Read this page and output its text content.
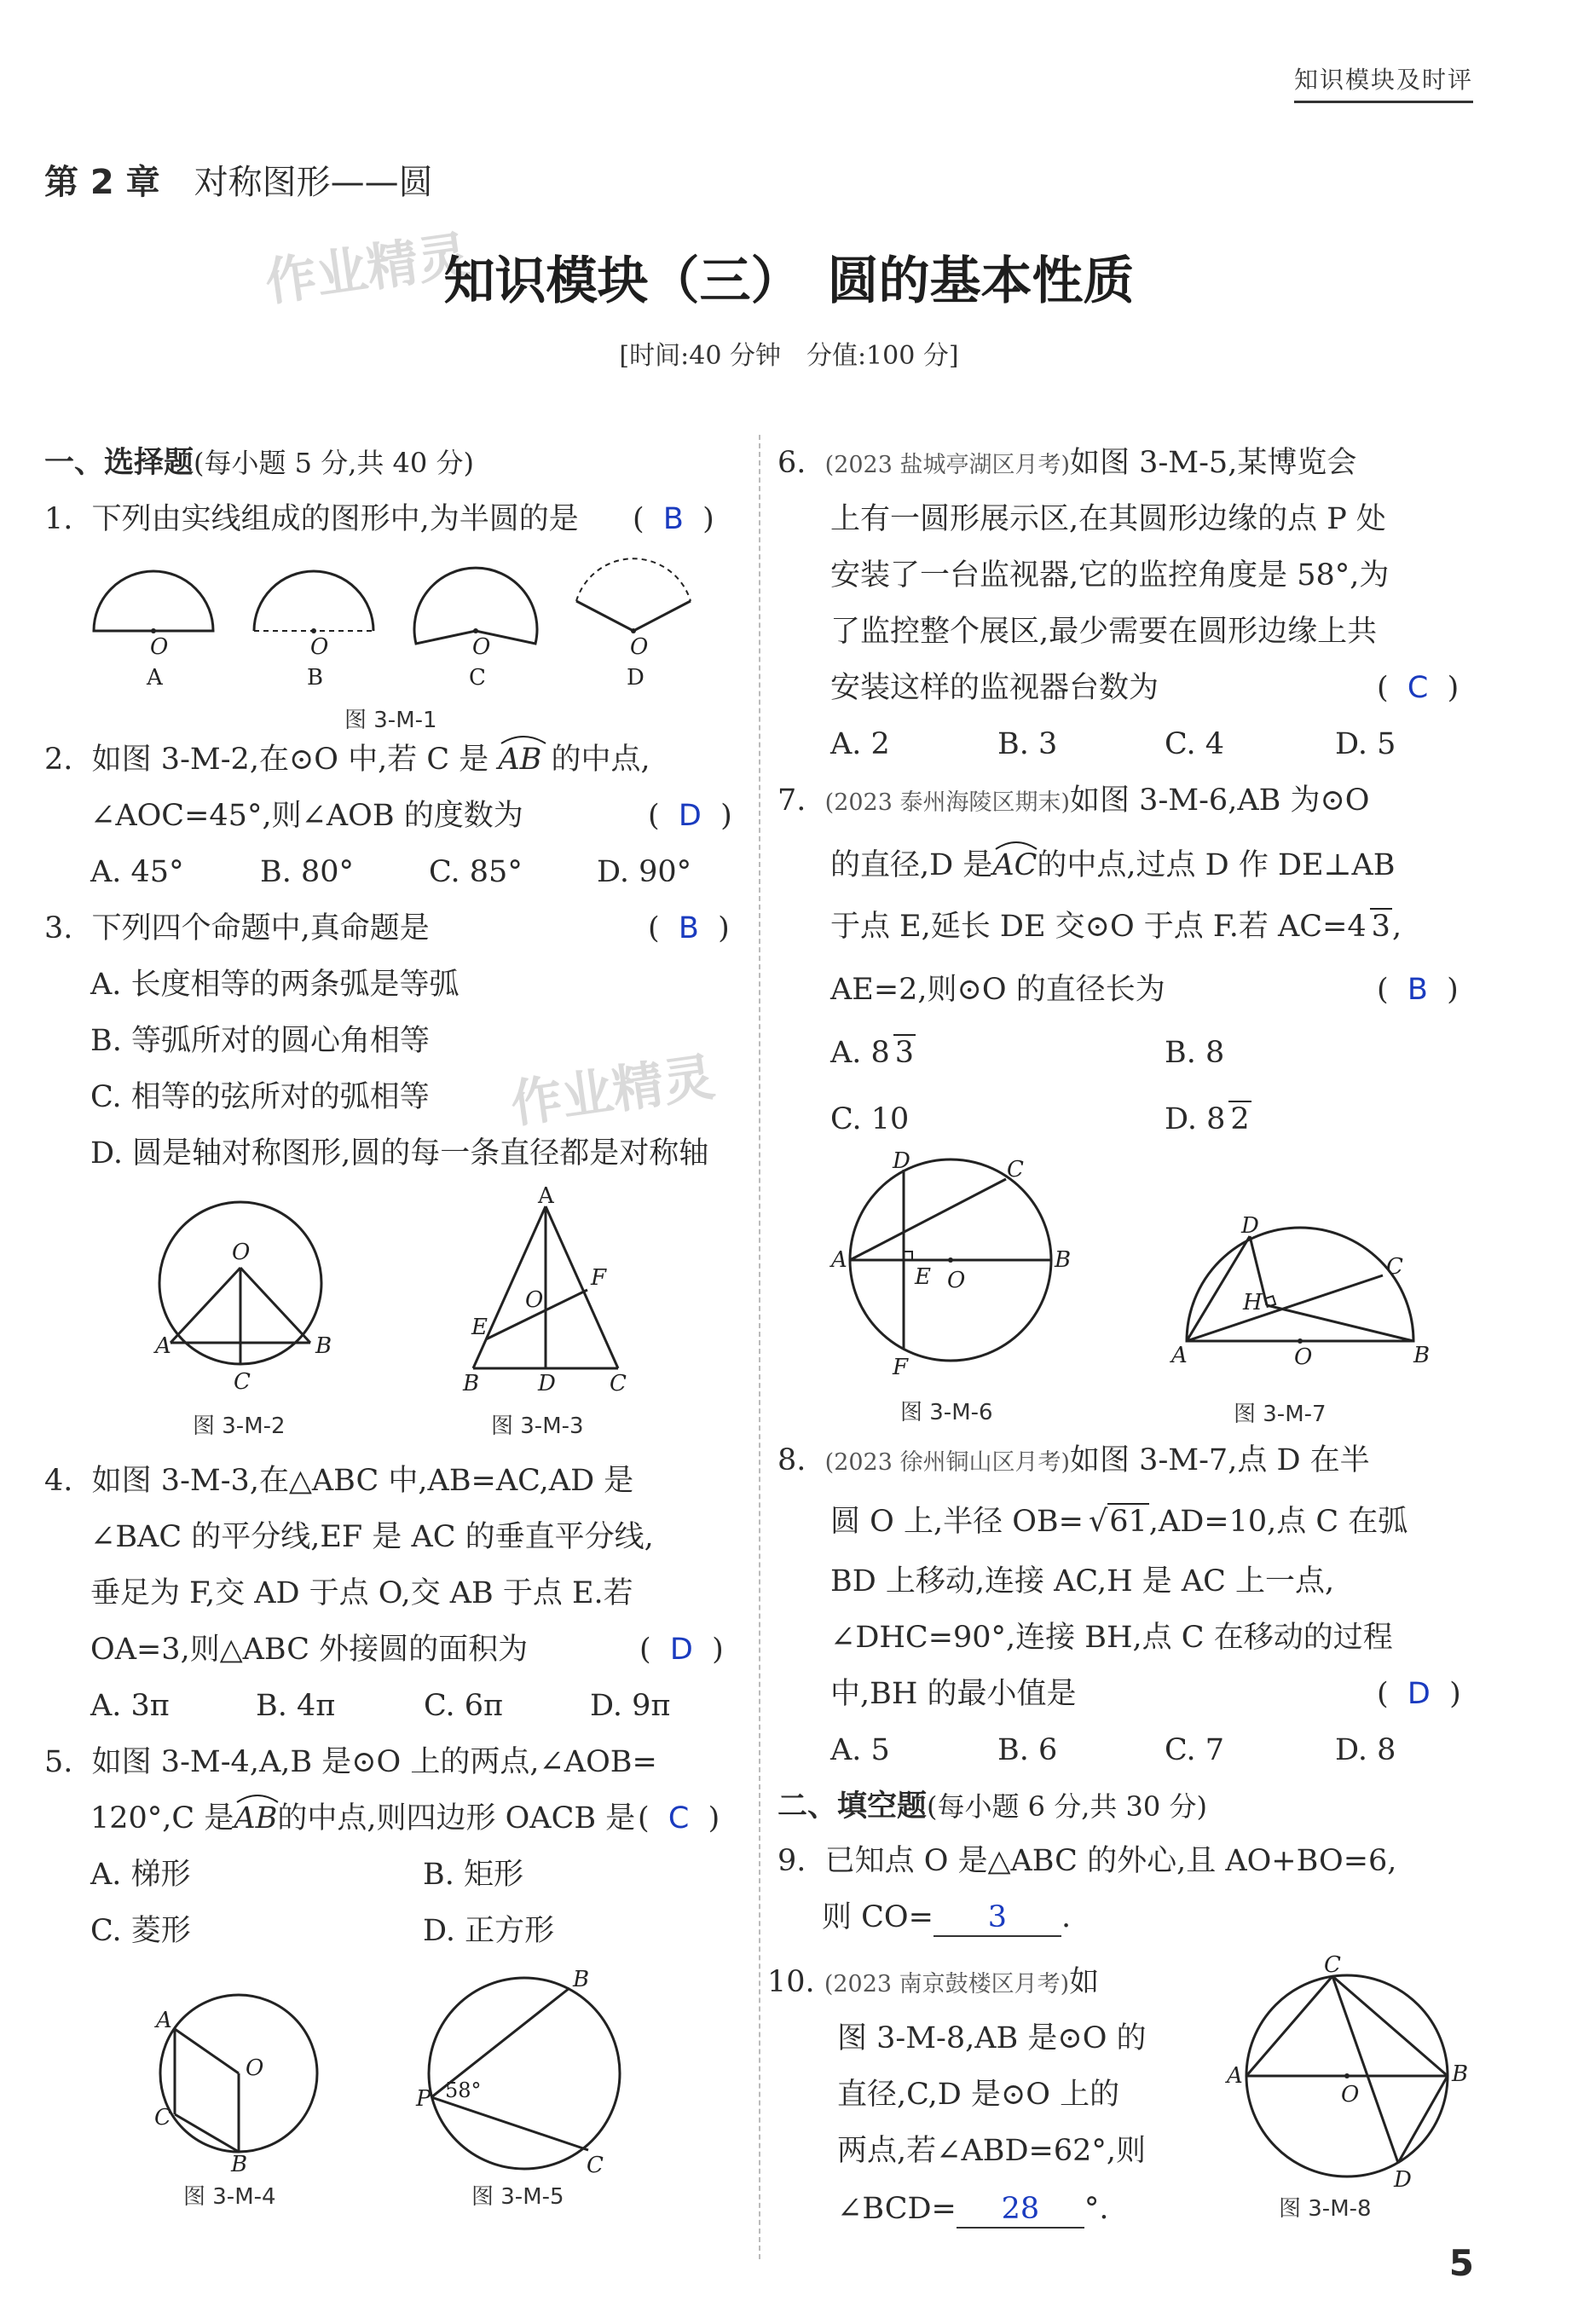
知识模块及时评
第 2 章 对称图形——圆
作业精灵
知识模块（三）　圆的基本性质
[时间:40 分钟　分值:100 分]
一、选择题(每小题 5 分,共 40 分)
1. 下列由实线组成的图形中,为半圆的是 (  B  )
O	O	O	O
A	B	C	D
图 3-M-1
2. 如图 3-M-2,在⊙O 中,若 C 是 AB 的中点,
∠AOC=45°,则∠AOB 的度数为	(  D  )
A. 45°	B. 80°	C. 85° D. 90°
3. 下列四个命题中,真命题是	(  B  )
A. 长度相等的两条弧是等弧
B. 等弧所对的圆心角相等
C. 相等的弦所对的弧相等
D. 圆是轴对称图形,圆的每一条直径都是对称轴
作业精灵
O
A	B
C
图 3-M-2
A
F
O
E
B	D C
图 3-M-3
4. 如图 3-M-3,在△ABC 中,AB=AC,AD 是
∠BAC 的平分线,EF 是 AC 的垂直平分线,
垂足为 F,交 AD 于点 O,交 AB 于点 E.若
OA=3,则△ABC 外接圆的面积为	(  D  )
A. 3π	B. 4π	C. 6π	D. 9π
5. 如图 3-M-4,A,B 是⊙O 上的两点,∠AOB=
120°,C 是
AB的中点,则四边形 OACB 是 (  C  )
A. 梯形	B. 矩形
C. 菱形	D. 正方形
A
O
C
B
图 3-M-4
B
P 58°
C
图 3-M-5
6. (2023 盐城亭湖区月考)如图 3-M-5,某博览会
上有一圆形展示区,在其圆形边缘的点 P 处
安装了一台监视器,它的监控角度是 58°,为
了监控整个展区,最少需要在圆形边缘上共
安装这样的监视器台数为	(  C  )
A. 2	B. 3	C. 4	D. 5
7. (2023 泰州海陵区期末)如图 3-M-6,AB 为⊙O
的直径,D 是
AC的中点,过点 D 作 DE⊥AB
于点 E,延长 DE 交⊙O 于点 F.若 AC=4 3,
AE=2,则⊙O 的直径长为	(  B  )
A. 8 3	B. 8
C. 10	D. 8 2
D	C
A
E O
B
F
图 3-M-6
D
C
H
A	O	B
图 3-M-7
8. (2023 徐州铜山区月考)如图 3-M-7,点 D 在半
圆 O 上,半径 OB= √61,AD=10,点 C 在弧
BD 上移动,连接 AC,H 是 AC 上一点,
∠DHC=90°,连接 BH,点 C 在移动的过程
中,BH 的最小值是	(  D  )
A. 5	B. 6	C. 7	D. 8
二、填空题(每小题 6 分,共 30 分)
9. 已知点 O 是△ABC 的外心,且 AO+BO=6,
则 CO= 3 .
10. (2023 南京鼓楼区月考)如
图 3-M-8,AB 是⊙O 的
直径,C,D 是⊙O 上的
两点,若∠ABD=62°,则
∠BCD= 28 °.
C
A
O
B
D
图 3-M-8
5
